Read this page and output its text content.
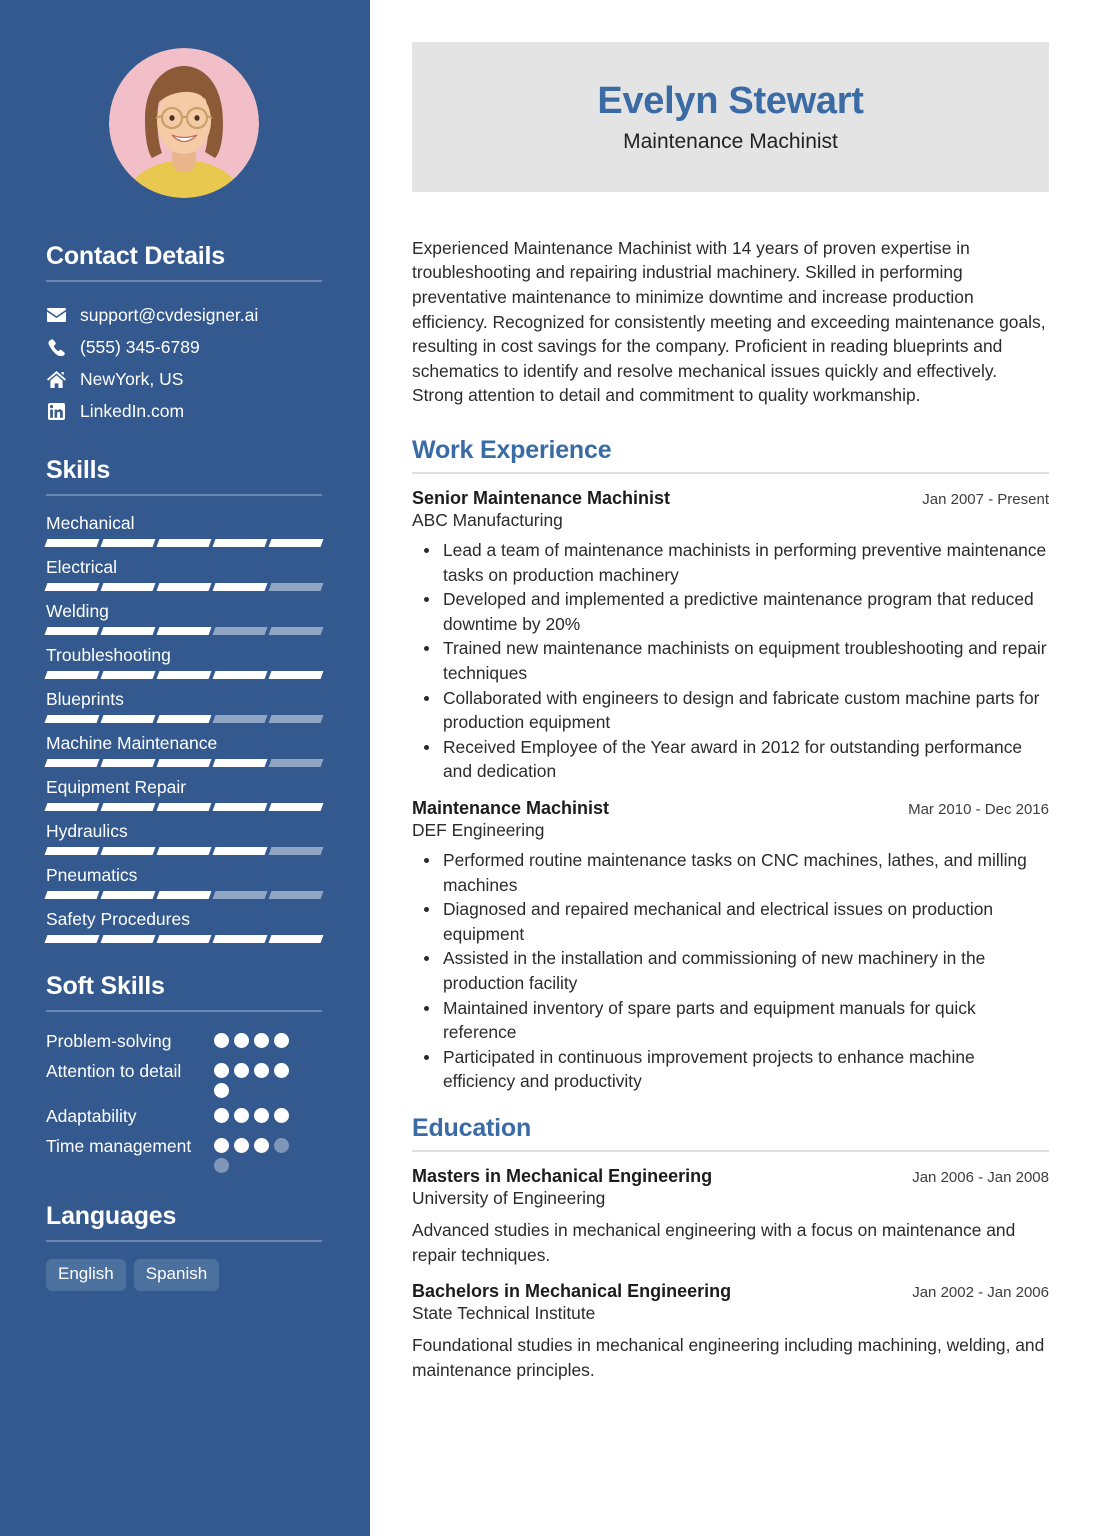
Contact Details
support@cvdesigner.ai
(555) 345-6789
NewYork, US
LinkedIn.com
Skills
Mechanical
Electrical
Welding
Troubleshooting
Blueprints
Machine Maintenance
Equipment Repair
Hydraulics
Pneumatics
Safety Procedures
Soft Skills
Problem-solving
Attention to detail
Adaptability
Time management
Languages
English	Spanish
Evelyn Stewart
Maintenance Machinist

Experienced Maintenance Machinist with 14 years of proven expertise in troubleshooting and repairing industrial machinery. Skilled in performing preventative maintenance to minimize downtime and increase production efficiency. Recognized for consistently meeting and exceeding maintenance goals, resulting in cost savings for the company. Proficient in reading blueprints and schematics to identify and resolve mechanical issues quickly and effectively. Strong attention to detail and commitment to quality workmanship.

Work Experience
Senior Maintenance Machinist	Jan 2007 - Present
ABC Manufacturing
Lead a team of maintenance machinists in performing preventive maintenance tasks on production machinery
Developed and implemented a predictive maintenance program that reduced downtime by 20%
Trained new maintenance machinists on equipment troubleshooting and repair techniques
Collaborated with engineers to design and fabricate custom machine parts for production equipment
Received Employee of the Year award in 2012 for outstanding performance and dedication
Maintenance Machinist	Mar 2010 - Dec 2016
DEF Engineering
Performed routine maintenance tasks on CNC machines, lathes, and milling machines
Diagnosed and repaired mechanical and electrical issues on production equipment
Assisted in the installation and commissioning of new machinery in the production facility
Maintained inventory of spare parts and equipment manuals for quick reference
Participated in continuous improvement projects to enhance machine efficiency and productivity
Education
Masters in Mechanical Engineering	Jan 2006 - Jan 2008
University of Engineering
Advanced studies in mechanical engineering with a focus on maintenance and repair techniques.
Bachelors in Mechanical Engineering	Jan 2002 - Jan 2006
State Technical Institute
Foundational studies in mechanical engineering including machining, welding, and maintenance principles.
